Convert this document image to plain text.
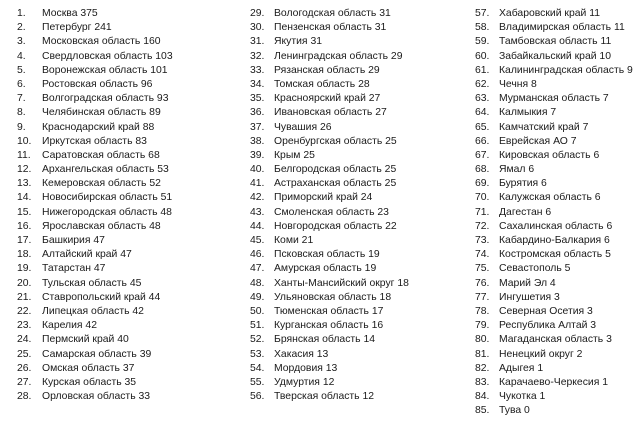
1.	Москва 375
2.	Петербург 241
3.	Московская область 160
4.	Свердловская область 103
5.	Воронежская область 101
6.	Ростовская область 96
7.	Волгоградская область 93
8.	Челябинская область 89
9.	Краснодарский край 88
10.	Иркутская область 83
11.	Саратовская область 68
12.	Архангельская область 53
13.	Кемеровская область 52
14.	Новосибирская область 51
15.	Нижегородская область 48
16.	Ярославская область 48
17.	Башкирия 47
18.	Алтайский край 47
19.	Татарстан 47
20.	Тульская область 45
21.	Ставропольский край 44
22.	Липецкая область 42
23.	Карелия 42
24.	Пермский край 40
25.	Самарская область 39
26.	Омская область 37
27.	Курская область 35
28.	Орловская область 33
29. Вологодская область 31
30. Пензенская область 31
31. Якутия 31
32. Ленинградская область 29
33. Рязанская область 29
34. Томская область 28
35. Красноярский край 27
36. Ивановская область 27
37. Чувашия 26
38. Оренбургская область 25
39. Крым 25
40. Белгородская область 25
41. Астраханская область 25
42. Приморский край 24
43. Смоленская область 23
44. Новгородская область 22
45. Коми 21
46. Псковская область 19
47. Амурская область 19
48. Ханты-Мансийский округ 18
49. Ульяновская область 18
50. Тюменская область 17
51. Курганская область 16
52. Брянская область 14
53. Хакасия 13
54. Мордовия 13
55. Удмуртия 12
56. Тверская область 12
57. Хабаровский край 11
58. Владимирская область 11
59. Тамбовская область 11
60. Забайкальский край 10
61. Калининградская область 9
62. Чечня 8
63. Мурманская область 7
64. Калмыкия 7
65. Камчатский край 7
66. Еврейская АО 7
67. Кировская область 6
68. Ямал 6
69. Бурятия 6
70. Калужская область 6
71. Дагестан 6
72. Сахалинская область 6
73. Кабардино-Балкария 6
74. Костромская область 5
75. Севастополь 5
76. Марий Эл 4
77. Ингушетия 3
78. Северная Осетия 3
79. Республика Алтай 3
80. Магаданская область 3
81. Ненецкий округ 2
82. Адыгея 1
83. Карачаево-Черкесия 1
84. Чукотка 1
85. Тува 0
